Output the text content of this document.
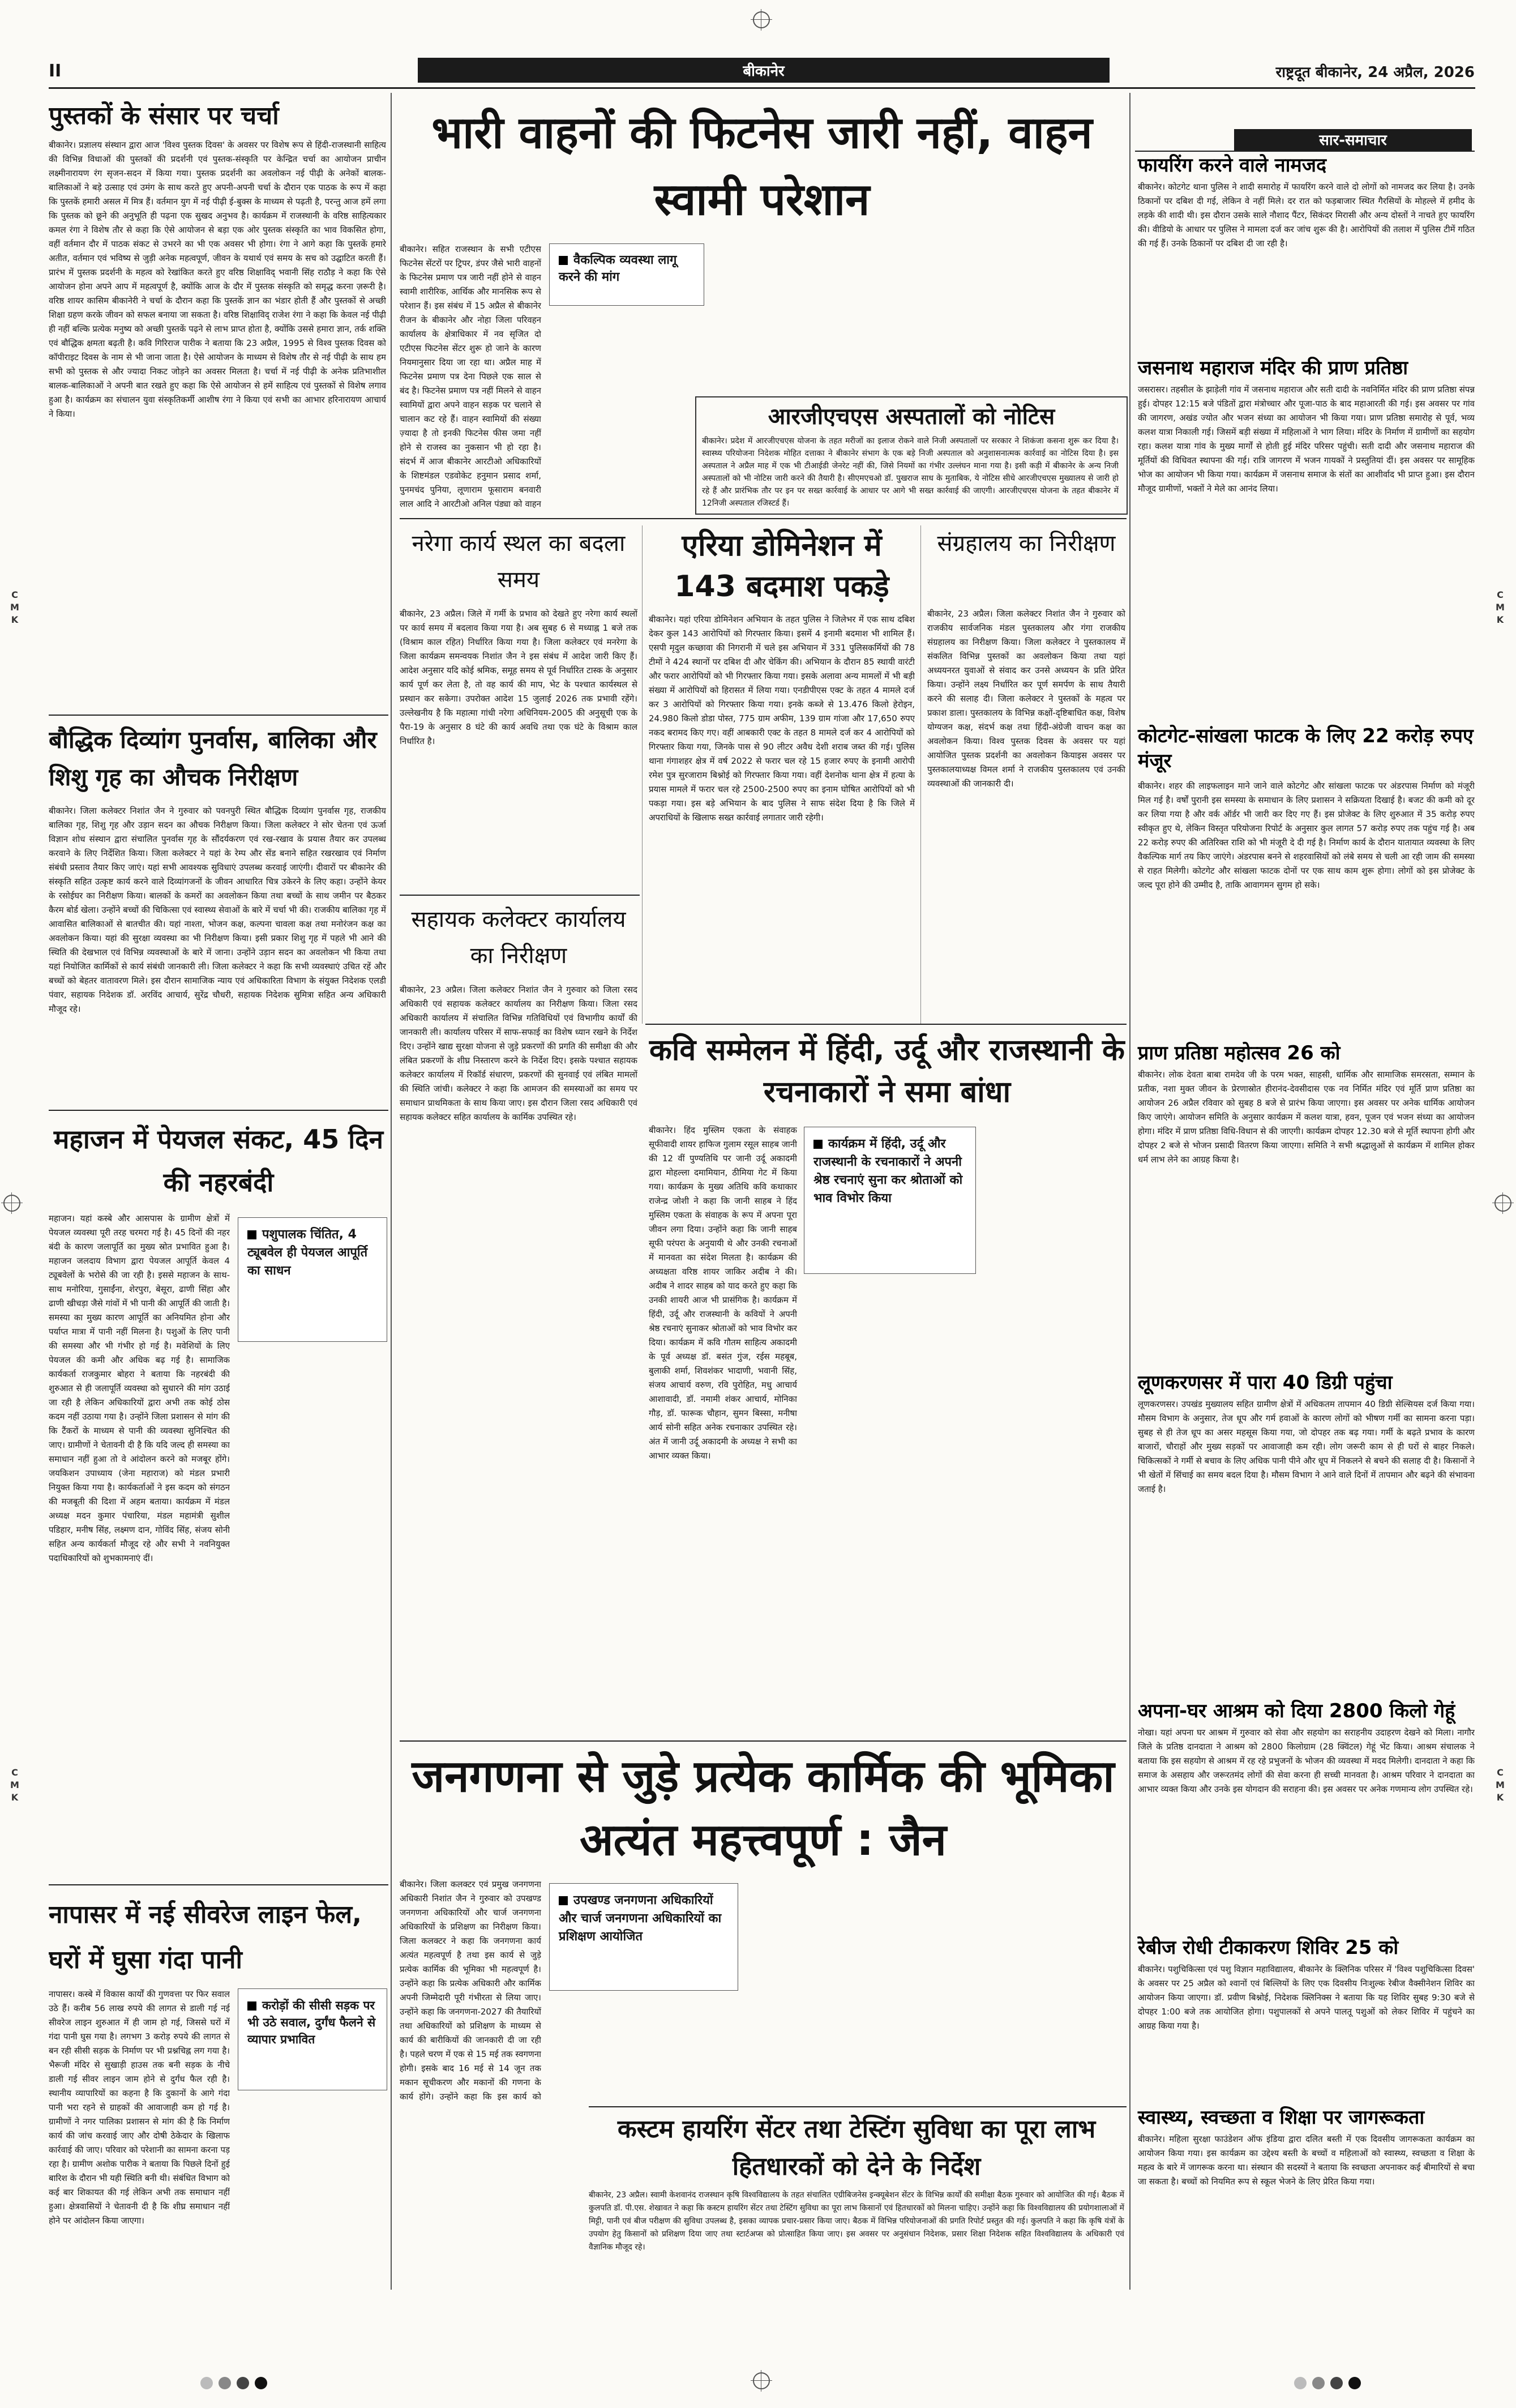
II	बीकानेर	राष्ट्रदूत बीकानेर, 24 अप्रैल, 2026
पुस्तकों के संसार पर चर्चा
बीकानेर। प्रज्ञालय संस्थान द्वारा आज 'विश्व पुस्तक दिवस' के अवसर पर विशेष रूप से हिंदी-राजस्थानी साहित्य की विभिन्न विधाओं की पुस्तकों की प्रदर्शनी एवं पुस्तक-संस्कृति पर केन्द्रित चर्चा का आयोजन प्राचीन लक्ष्मीनारायण रंग सृजन-सदन में किया गया। पुस्तक प्रदर्शनी का अवलोकन नई पीढ़ी के अनेकों बालक-बालिकाओं ने बड़े उत्साह एवं उमंग के साथ करते हुए अपनी-अपनी चर्चा के दौरान एक पाठक के रूप में कहा कि पुस्तकें हमारी असल में मित्र हैं। वर्तमान युग में नई पीढ़ी ई-बुक्स के माध्यम से पढ़ती है, परन्तु आज हमें लगा कि पुस्तक को छूने की अनुभूति ही पढ़ना एक सुखद अनुभव है। कार्यक्रम में राजस्थानी के वरिष्ठ साहित्यकार कमल रंगा ने विशेष तौर से कहा कि ऐसे आयोजन से बड़ा एक ओर पुस्तक संस्कृति का भाव विकसित होगा, वहीं वर्तमान दौर में पाठक संकट से उभरने का भी एक अवसर भी होगा। रंगा ने आगे कहा कि पुस्तकें हमारे अतीत, वर्तमान एवं भविष्य से जुड़ी अनेक महत्वपूर्ण, जीवन के यथार्थ एवं समय के सच को उद्घाटित करती हैं। प्रारंभ में पुस्तक प्रदर्शनी के महत्व को रेखांकित करते हुए वरिष्ठ शिक्षाविद् भवानी सिंह राठौड़ ने कहा कि ऐसे आयोजन होना अपने आप में महत्वपूर्ण है, क्योंकि आज के दौर में पुस्तक संस्कृति को समृद्ध करना ज़रूरी है। वरिष्ठ शायर कासिम बीकानेरी ने चर्चा के दौरान कहा कि पुस्तकें ज्ञान का भंडार होती हैं और पुस्तकों से अच्छी शिक्षा ग्रहण करके जीवन को सफल बनाया जा सकता है। वरिष्ठ शिक्षाविद् राजेश रंगा ने कहा कि केवल नई पीढ़ी ही नहीं बल्कि प्रत्येक मनुष्य को अच्छी पुस्तकें पढ़ने से लाभ प्राप्त होता है, क्योंकि उससे हमारा ज्ञान, तर्क शक्ति एवं बौद्धिक क्षमता बढ़ती है। कवि गिरिराज पारीक ने बताया कि 23 अप्रैल, 1995 से विश्व पुस्तक दिवस को कॉपीराइट दिवस के नाम से भी जाना जाता है। ऐसे आयोजन के माध्यम से विशेष तौर से नई पीढ़ी के साथ हम सभी को पुस्तक से और ज्यादा निकट जोड़ने का अवसर मिलता है। चर्चा में नई पीढ़ी के अनेक प्रतिभाशील बालक-बालिकाओं ने अपनी बात रखते हुए कहा कि ऐसे आयोजन से हमें साहित्य एवं पुस्तकों से विशेष लगाव हुआ है। कार्यक्रम का संचालन युवा संस्कृतिकर्मी आशीष रंगा ने किया एवं सभी का आभार हरिनारायण आचार्य ने किया।
बौद्धिक दिव्यांग पुनर्वास, बालिका और शिशु गृह का औचक निरीक्षण
बीकानेर। जिला कलेक्टर निशांत जैन ने गुरुवार को पवनपुरी स्थित बौद्धिक दिव्यांग पुनर्वास गृह, राजकीय बालिका गृह, शिशु गृह और उड़ान सदन का औचक निरीक्षण किया। जिला कलेक्टर ने सोर चेतना एवं ऊर्जा विज्ञान शोध संस्थान द्वारा संचालित पुनर्वास गृह के सौंदर्यकरण एवं रख-रखाव के प्रयास तैयार कर उपलब्ध करवाने के लिए निर्देशित किया। जिला कलेक्टर ने यहां के रेम्प और सेंड बनाने सहित रखरखाव एवं निर्माण संबंधी प्रस्ताव तैयार किए जाएं। यहां सभी आवश्यक सुविधाएं उपलब्ध करवाई जाएंगी। दीवारों पर बीकानेर की संस्कृति सहित उत्कृष्ट कार्य करने वाले दिव्यांगजनों के जीवन आधारित चित्र उकेरने के लिए कहा। उन्होंने केयर के रसोईघर का निरीक्षण किया। बालकों के कमरों का अवलोकन किया तथा बच्चों के साथ जमीन पर बैठकर कैरम बोर्ड खेला। उन्होंने बच्चों की चिकित्सा एवं स्वास्थ्य सेवाओं के बारे में चर्चा भी की। राजकीय बालिका गृह में आवासित बालिकाओं से बातचीत की। यहां नाश्ता, भोजन कक्ष, कल्पना चावला कक्ष तथा मनोरंजन कक्ष का अवलोकन किया। यहां की सुरक्षा व्यवस्था का भी निरीक्षण किया। इसी प्रकार शिशु गृह में पहले भी आने की स्थिति की देखभाल एवं विभिन्न व्यवस्थाओं के बारे में जाना। उन्होंने उड़ान सदन का अवलोकन भी किया तथा यहां नियोजित कार्मिकों से कार्य संबंधी जानकारी ली। जिला कलेक्टर ने कहा कि सभी व्यवस्थाएं उचित रहें और बच्चों को बेहतर वातावरण मिले। इस दौरान सामाजिक न्याय एवं अधिकारिता विभाग के संयुक्त निदेशक एलडी पंवार, सहायक निदेशक डॉ. अरविंद आचार्य, सुरेंद्र चौधरी, सहायक निदेशक सुमित्रा सहित अन्य अधिकारी मौजूद रहे।
महाजन में पेयजल संकट, 45 दिन की नहरबंदी
पशुपालक चिंतित, 4 ट्यूबवेल ही पेयजल आपूर्ति का साधन
महाजन। यहां कस्बे और आसपास के ग्रामीण क्षेत्रों में पेयजल व्यवस्था पूरी तरह चरमरा गई है। 45 दिनों की नहर बंदी के कारण जलापूर्ति का मुख्य स्रोत प्रभावित हुआ है। महाजन जलदाय विभाग द्वारा पेयजल आपूर्ति केवल 4 ट्यूबवेलों के भरोसे की जा रही है। इससे महाजन के साथ-साथ मनोरिया, गुसाईंना, शेरपुरा, बेसूरा, ढाणी सिंहा और ढाणी खीचड़ा जैसे गांवों में भी पानी की आपूर्ति की जाती है। समस्या का मुख्य कारण आपूर्ति का अनियमित होना और पर्याप्त मात्रा में पानी नहीं मिलना है। पशुओं के लिए पानी की समस्या और भी गंभीर हो गई है। मवेशियों के लिए पेयजल की कमी और अधिक बढ़ गई है। सामाजिक कार्यकर्ता राजकुमार बोहरा ने बताया कि नहरबंदी की शुरुआत से ही जलापूर्ति व्यवस्था को सुधारने की मांग उठाई जा रही है लेकिन अधिकारियों द्वारा अभी तक कोई ठोस कदम नहीं उठाया गया है। उन्होंने जिला प्रशासन से मांग की कि टैंकरों के माध्यम से पानी की व्यवस्था सुनिश्चित की जाए। ग्रामीणों ने चेतावनी दी है कि यदि जल्द ही समस्या का समाधान नहीं हुआ तो वे आंदोलन करने को मजबूर होंगे। जयकिशन उपाध्याय (जेना महाराज) को मंडल प्रभारी नियुक्त किया गया है। कार्यकर्ताओं ने इस कदम को संगठन की मजबूती की दिशा में अहम बताया। कार्यक्रम में मंडल अध्यक्ष मदन कुमार पंचारिया, मंडल महामंत्री सुशील पडिहार, मनीष सिंह, लक्ष्मण दान, गोविंद सिंह, संजय सोनी सहित अन्य कार्यकर्ता मौजूद रहे और सभी ने नवनियुक्त पदाधिकारियों को शुभकामनाएं दीं।
नापासर में नई सीवरेज लाइन फेल, घरों में घुसा गंदा पानी
करोड़ों की सीसी सड़क पर भी उठे सवाल, दुर्गंध फैलने से व्यापार प्रभावित
नापासर। कस्बे में विकास कार्यों की गुणवत्ता पर फिर सवाल उठे हैं। करीब 56 लाख रुपये की लागत से डाली गई नई सीवरेज लाइन शुरुआत में ही जाम हो गई, जिससे घरों में गंदा पानी घुस गया है। लगभग 3 करोड़ रुपये की लागत से बन रही सीसी सड़क के निर्माण पर भी प्रश्नचिह्न लग गया है। भैरूजी मंदिर से सुखाड़ी हाउस तक बनी सड़क के नीचे डाली गई सीवर लाइन जाम होने से दुर्गंध फैल रही है। स्थानीय व्यापारियों का कहना है कि दुकानों के आगे गंदा पानी भरा रहने से ग्राहकों की आवाजाही कम हो गई है। ग्रामीणों ने नगर पालिका प्रशासन से मांग की है कि निर्माण कार्य की जांच करवाई जाए और दोषी ठेकेदार के खिलाफ कार्रवाई की जाए। परिवार को परेशानी का सामना करना पड़ रहा है। ग्रामीण अशोक पारीक ने बताया कि पिछले दिनों हुई बारिश के दौरान भी यही स्थिति बनी थी। संबंधित विभाग को कई बार शिकायत की गई लेकिन अभी तक समाधान नहीं हुआ। क्षेत्रवासियों ने चेतावनी दी है कि शीघ्र समाधान नहीं होने पर आंदोलन किया जाएगा।
भारी वाहनों की फिटनेस जारी नहीं, वाहन स्वामी परेशान
वैकल्पिक व्यवस्था लागू करने की मांग
बीकानेर। सहित राजस्थान के सभी एटीएस फिटनेस सेंटरों पर ट्रिपर, डंपर जैसे भारी वाहनों के फिटनेस प्रमाण पत्र जारी नहीं होने से वाहन स्वामी शारीरिक, आर्थिक और मानसिक रूप से परेशान हैं। इस संबंध में 15 अप्रैल से बीकानेर रीजन के बीकानेर और नोहा जिला परिवहन कार्यालय के क्षेत्राधिकार में नव सृजित दो एटीएस फिटनेस सेंटर शुरू हो जाने के कारण नियमानुसार दिया जा रहा था। अप्रैल माह में फिटनेस प्रमाण पत्र देना पिछले एक साल से बंद है। फिटनेस प्रमाण पत्र नहीं मिलने से वाहन स्वामियों द्वारा अपने वाहन सड़क पर चलाने से चालान कट रहे हैं। वाहन स्वामियों की संख्या ज़्यादा है तो इनकी फिटनेस फीस जमा नहीं होने से राजस्व का नुकसान भी हो रहा है। संदर्भ में आज बीकानेर आरटीओ अधिकारियों के शिष्टमंडल एडवोकेट हनुमान प्रसाद शर्मा, पुनमचंद पुनिया, लूणाराम फूसाराम बनवारी लाल आदि ने आरटीओ अनिल पंड्या को वाहन
आरजीएचएस अस्पतालों को नोटिस
बीकानेर। प्रदेश में आरजीएचएस योजना के तहत मरीजों का इलाज रोकने वाले निजी अस्पतालों पर सरकार ने शिकंजा कसना शुरू कर दिया है। स्वास्थ्य परियोजना निदेशक मोहित दत्ताका ने बीकानेर संभाग के एक बड़े निजी अस्पताल को अनुशासनात्मक कार्रवाई का नोटिस दिया है। इस अस्पताल ने अप्रैल माह में एक भी टीआईडी जेनरेट नहीं की, जिसे नियमों का गंभीर उल्लंघन माना गया है। इसी कड़ी में बीकानेर के अन्य निजी अस्पतालों को भी नोटिस जारी करने की तैयारी है। सीएमएचओ डॉ. पुखराज साध के मुताबिक, ये नोटिस सीधे आरजीएचएस मुख्यालय से जारी हो रहे हैं और प्रारंभिक तौर पर इन पर सख्त कार्रवाई के आधार पर आगे भी सख्त कार्रवाई की जाएगी। आरजीएचएस योजना के तहत बीकानेर में 12निजी अस्पताल रजिस्टर्ड हैं।
नरेगा कार्य स्थल का बदला समय
बीकानेर, 23 अप्रैल। जिले में गर्मी के प्रभाव को देखते हुए नरेगा कार्य स्थलों पर कार्य समय में बदलाव किया गया है। अब सुबह 6 से मध्याह्न 1 बजे तक (विश्राम काल रहित) निर्धारित किया गया है। जिला कलेक्टर एवं मनरेगा के जिला कार्यक्रम समन्वयक निशांत जैन ने इस संबंध में आदेश जारी किए हैं। आदेश अनुसार यदि कोई श्रमिक, समूह समय से पूर्व निर्धारित टास्क के अनुसार कार्य पूर्ण कर लेता है, तो वह कार्य की माप, भेट के पश्चात कार्यस्थल से प्रस्थान कर सकेगा। उपरोक्त आदेश 15 जुलाई 2026 तक प्रभावी रहेंगे। उल्लेखनीय है कि महात्मा गांधी नरेगा अधिनियम-2005 की अनुसूची एक के पैरा-19 के अनुसार 8 घंटे की कार्य अवधि तथा एक घंटे के विश्राम काल निर्धारित है।
एरिया डोमिनेशन में 143 बदमाश पकड़े
बीकानेर। यहां एरिया डोमिनेशन अभियान के तहत पुलिस ने जिलेभर में एक साथ दबिश देकर कुल 143 आरोपियों को गिरफ्तार किया। इसमें 4 इनामी बदमाश भी शामिल हैं। एसपी मृदुल कच्छावा की निगरानी में चले इस अभियान में 331 पुलिसकर्मियों की 78 टीमों ने 424 स्थानों पर दबिश दी और चेकिंग की। अभियान के दौरान 85 स्थायी वारंटी और फरार आरोपियों को भी गिरफ्तार किया गया। इसके अलावा अन्य मामलों में भी बड़ी संख्या में आरोपियों को हिरासत में लिया गया। एनडीपीएस एक्ट के तहत 4 मामले दर्ज कर 3 आरोपियों को गिरफ्तार किया गया। इनके कब्जे से 13.476 किलो हेरोइन, 24.980 किलो डोडा पोस्त, 775 ग्राम अफीम, 139 ग्राम गांजा और 17,650 रुपए नकद बरामद किए गए। वहीं आबकारी एक्ट के तहत 8 मामले दर्ज कर 4 आरोपियों को गिरफ्तार किया गया, जिनके पास से 90 लीटर अवैध देशी शराब जब्त की गई। पुलिस थाना गंगाशहर क्षेत्र में वर्ष 2022 से फरार चल रहे 15 हजार रुपए के इनामी आरोपी रमेश पुत्र सुरजाराम बिश्नोई को गिरफ्तार किया गया। वहीं देशनोक थाना क्षेत्र में हत्या के प्रयास मामले में फरार चल रहे 2500-2500 रुपए का इनाम घोषित आरोपियों को भी पकड़ा गया। इस बड़े अभियान के बाद पुलिस ने साफ संदेश दिया है कि जिले में अपराधियों के खिलाफ सख्त कार्रवाई लगातार जारी रहेगी।
संग्रहालय का निरीक्षण
बीकानेर, 23 अप्रैल। जिला कलेक्टर निशांत जैन ने गुरुवार को राजकीय सार्वजनिक मंडल पुस्तकालय और गंगा राजकीय संग्रहालय का निरीक्षण किया। जिला कलेक्टर ने पुस्तकालय में संकलित विभिन्न पुस्तकों का अवलोकन किया तथा यहां अध्ययनरत युवाओं से संवाद कर उनसे अध्ययन के प्रति प्रेरित किया। उन्होंने लक्ष्य निर्धारित कर पूर्ण समर्पण के साथ तैयारी करने की सलाह दी। जिला कलेक्टर ने पुस्तकों के महत्व पर प्रकाश डाला। पुस्तकालय के विभिन्न कक्षों-दृष्टिबाधित कक्ष, विशेष योग्यजन कक्ष, संदर्भ कक्ष तथा हिंदी-अंग्रेजी वाचन कक्ष का अवलोकन किया। विश्व पुस्तक दिवस के अवसर पर यहां आयोजित पुस्तक प्रदर्शनी का अवलोकन कियाइस अवसर पर पुस्तकालयाध्यक्ष विमल शर्मा ने राजकीय पुस्तकालय एवं उनकी व्यवस्थाओं की जानकारी दी।
सहायक कलेक्टर कार्यालय का निरीक्षण
बीकानेर, 23 अप्रैल। जिला कलेक्टर निशांत जैन ने गुरुवार को जिला रसद अधिकारी एवं सहायक कलेक्टर कार्यालय का निरीक्षण किया। जिला रसद अधिकारी कार्यालय में संचालित विभिन्न गतिविधियों एवं विभागीय कार्यों की जानकारी ली। कार्यालय परिसर में साफ-सफाई का विशेष ध्यान रखने के निर्देश दिए। उन्होंने खाद्य सुरक्षा योजना से जुड़े प्रकरणों की प्रगति की समीक्षा की और लंबित प्रकरणों के शीघ्र निस्तारण करने के निर्देश दिए। इसके पश्चात सहायक कलेक्टर कार्यालय में रिकॉर्ड संधारण, प्रकरणों की सुनवाई एवं लंबित मामलों की स्थिति जांची। कलेक्टर ने कहा कि आमजन की समस्याओं का समय पर समाधान प्राथमिकता के साथ किया जाए। इस दौरान जिला रसद अधिकारी एवं सहायक कलेक्टर सहित कार्यालय के कार्मिक उपस्थित रहे।
कवि सम्मेलन में हिंदी, उर्दू और राजस्थानी के रचनाकारों ने समा बांधा
कार्यक्रम में हिंदी, उर्दू और राजस्थानी के रचनाकारों ने अपनी श्रेष्ठ रचनाएं सुना कर श्रोताओं को भाव विभोर किया
बीकानेर। हिंद मुस्लिम एकता के संवाहक सूफीवादी शायर हाफिज गुलाम रसूल साहब जानी की 12 वीं पुण्यतिथि पर जानी उर्दू अकादमी द्वारा मोहल्ला दमामियान, ठीमिया गेट में किया गया। कार्यक्रम के मुख्य अतिथि कवि कथाकार राजेन्द्र जोशी ने कहा कि जानी साहब ने हिंद मुस्लिम एकता के संवाहक के रूप में अपना पूरा जीवन लगा दिया। उन्होंने कहा कि जानी साहब सूफी परंपरा के अनुयायी थे और उनकी रचनाओं में मानवता का संदेश मिलता है। कार्यक्रम की अध्यक्षता वरिष्ठ शायर जाकिर अदीब ने की। अदीब ने शादर साहब को याद करते हुए कहा कि उनकी शायरी आज भी प्रासंगिक है। कार्यक्रम में हिंदी, उर्दू और राजस्थानी के कवियों ने अपनी श्रेष्ठ रचनाएं सुनाकर श्रोताओं को भाव विभोर कर दिया। कार्यक्रम में कवि गौतम साहित्य अकादमी के पूर्व अध्यक्ष डॉ. बसंत गुंज, रईस महबूब, बुलाकी शर्मा, शिवशंकर भादाणी, भवानी सिंह, संजय आचार्य वरुण, रवि पुरोहित, मधु आचार्य आशावादी, डॉ. नमामी शंकर आचार्य, मोनिका गौड़, डॉ. फारूक चौहान, सुमन बिस्सा, मनीषा आर्य सोनी सहित अनेक रचनाकार उपस्थित रहे। अंत में जानी उर्दू अकादमी के अध्यक्ष ने सभी का आभार व्यक्त किया।
जनगणना से जुड़े प्रत्येक कार्मिक की भूमिका अत्यंत महत्त्वपूर्ण : जैन
उपखण्ड जनगणना अधिकारियों और चार्ज जनगणना अधिकारियों का प्रशिक्षण आयोजित
बीकानेर। जिला कलक्टर एवं प्रमुख जनगणना अधिकारी निशांत जैन ने गुरुवार को उपखण्ड जनगणना अधिकारियों और चार्ज जनगणना अधिकारियों के प्रशिक्षण का निरीक्षण किया। जिला कलक्टर ने कहा कि जनगणना कार्य अत्यंत महत्वपूर्ण है तथा इस कार्य से जुड़े प्रत्येक कार्मिक की भूमिका भी महत्वपूर्ण है। उन्होंने कहा कि प्रत्येक अधिकारी और कार्मिक अपनी जिम्मेदारी पूरी गंभीरता से लिया जाए। उन्होंने कहा कि जनगणना-2027 की तैयारियों तथा अधिकारियों को प्रशिक्षण के माध्यम से कार्य की बारीकियों की जानकारी दी जा रही है। पहले चरण में एक से 15 मई तक स्वगणना होगी। इसके बाद 16 मई से 14 जून तक मकान सूचीकरण और मकानों की गणना के कार्य होंगे। उन्होंने कहा कि इस कार्य को
कस्टम हायरिंग सेंटर तथा टेस्टिंग सुविधा का पूरा लाभ हितधारकों को देने के निर्देश
बीकानेर, 23 अप्रैल। स्वामी केशवानंद राजस्थान कृषि विश्वविद्यालय के तहत संचालित एग्रीबिजनेस इन्क्यूबेशन सेंटर के विभिन्न कार्यों की समीक्षा बैठक गुरुवार को आयोजित की गई। बैठक में कुलपति डॉ. पी.एस. शेखावत ने कहा कि कस्टम हायरिंग सेंटर तथा टेस्टिंग सुविधा का पूरा लाभ किसानों एवं हितधारकों को मिलना चाहिए। उन्होंने कहा कि विश्वविद्यालय की प्रयोगशालाओं में मिट्टी, पानी एवं बीज परीक्षण की सुविधा उपलब्ध है, इसका व्यापक प्रचार-प्रसार किया जाए। बैठक में विभिन्न परियोजनाओं की प्रगति रिपोर्ट प्रस्तुत की गई। कुलपति ने कहा कि कृषि यंत्रों के उपयोग हेतु किसानों को प्रशिक्षण दिया जाए तथा स्टार्टअप्स को प्रोत्साहित किया जाए। इस अवसर पर अनुसंधान निदेशक, प्रसार शिक्षा निदेशक सहित विश्वविद्यालय के अधिकारी एवं वैज्ञानिक मौजूद रहे।
सार-समाचार
फायरिंग करने वाले नामजद
बीकानेर। कोटगेट थाना पुलिस ने शादी समारोह में फायरिंग करने वाले दो लोगों को नामजद कर लिया है। उनके ठिकानों पर दबिश दी गई, लेकिन वे नहीं मिले। दर रात को फड़बाजार स्थित गैरसियों के मोहल्ले में हमीद के लड़के की शादी थी। इस दौरान उसके साले नौशाद पैंटर, सिकंदर मिरासी और अन्य दोस्तों ने नाचते हुए फायरिंग की। वीडियो के आधार पर पुलिस ने मामला दर्ज कर जांच शुरू की है। आरोपियों की तलाश में पुलिस टीमें गठित की गई हैं। उनके ठिकानों पर दबिश दी जा रही है।
जसनाथ महाराज मंदिर की प्राण प्रतिष्ठा
जसरासर। तहसील के झाड़ेली गांव में जसनाथ महाराज और सती दादी के नवनिर्मित मंदिर की प्राण प्रतिष्ठा संपन्न हुई। दोपहर 12:15 बजे पंडितों द्वारा मंत्रोच्चार और पूजा-पाठ के बाद महाआरती की गई। इस अवसर पर गांव की जागरण, अखंड ज्योत और भजन संध्या का आयोजन भी किया गया। प्राण प्रतिष्ठा समारोह से पूर्व, भव्य कलश यात्रा निकाली गई। जिसमें बड़ी संख्या में महिलाओं ने भाग लिया। मंदिर के निर्माण में ग्रामीणों का सहयोग रहा। कलश यात्रा गांव के मुख्य मार्गों से होती हुई मंदिर परिसर पहुंची। सती दादी और जसनाथ महाराज की मूर्तियों की विधिवत स्थापना की गई। रात्रि जागरण में भजन गायकों ने प्रस्तुतियां दीं। इस अवसर पर सामूहिक भोज का आयोजन भी किया गया। कार्यक्रम में जसनाथ समाज के संतों का आशीर्वाद भी प्राप्त हुआ। इस दौरान मौजूद ग्रामीणों, भक्तों ने मेले का आनंद लिया।
कोटगेट-सांखला फाटक के लिए 22 करोड़ रुपए मंजूर
बीकानेर। शहर की लाइफलाइन माने जाने वाले कोटगेट और सांखला फाटक पर अंडरपास निर्माण को मंजूरी मिल गई है। वर्षों पुरानी इस समस्या के समाधान के लिए प्रशासन ने सक्रियता दिखाई है। बजट की कमी को दूर कर लिया गया है और वर्क ऑर्डर भी जारी कर दिए गए हैं। इस प्रोजेक्ट के लिए शुरुआत में 35 करोड़ रुपए स्वीकृत हुए थे, लेकिन विस्तृत परियोजना रिपोर्ट के अनुसार कुल लागत 57 करोड़ रुपए तक पहुंच गई है। अब 22 करोड़ रुपए की अतिरिक्त राशि को भी मंजूरी दे दी गई है। निर्माण कार्य के दौरान यातायात व्यवस्था के लिए वैकल्पिक मार्ग तय किए जाएंगे। अंडरपास बनने से शहरवासियों को लंबे समय से चली आ रही जाम की समस्या से राहत मिलेगी। कोटगेट और सांखला फाटक दोनों पर एक साथ काम शुरू होगा। लोगों को इस प्रोजेक्ट के जल्द पूरा होने की उम्मीद है, ताकि आवागमन सुगम हो सके।
प्राण प्रतिष्ठा महोत्सव 26 को
बीकानेर। लोक देवता बाबा रामदेव जी के परम भक्त, साहसी, धार्मिक और सामाजिक समरसता, सम्मान के प्रतीक, नशा मुक्त जीवन के प्रेरणास्रोत हीरानंद-देवसीदास एक नव निर्मित मंदिर एवं मूर्ति प्राण प्रतिष्ठा का आयोजन 26 अप्रैल रविवार को सुबह 8 बजे से प्रारंभ किया जाएगा। इस अवसर पर अनेक धार्मिक आयोजन किए जाएंगे। आयोजन समिति के अनुसार कार्यक्रम में कलश यात्रा, हवन, पूजन एवं भजन संध्या का आयोजन होगा। मंदिर में प्राण प्रतिष्ठा विधि-विधान से की जाएगी। कार्यक्रम दोपहर 12.30 बजे से मूर्ति स्थापना होगी और दोपहर 2 बजे से भोजन प्रसादी वितरण किया जाएगा। समिति ने सभी श्रद्धालुओं से कार्यक्रम में शामिल होकर धर्म लाभ लेने का आग्रह किया है।
लूणकरणसर में पारा 40 डिग्री पहुंचा
लूणकरणसर। उपखंड मुख्यालय सहित ग्रामीण क्षेत्रों में अधिकतम तापमान 40 डिग्री सेल्सियस दर्ज किया गया। मौसम विभाग के अनुसार, तेज धूप और गर्म हवाओं के कारण लोगों को भीषण गर्मी का सामना करना पड़ा। सुबह से ही तेज धूप का असर महसूस किया गया, जो दोपहर तक बढ़ गया। गर्मी के बढ़ते प्रभाव के कारण बाजारों, चौराहों और मुख्य सड़कों पर आवाजाही कम रही। लोग जरूरी काम से ही घरों से बाहर निकले। चिकित्सकों ने गर्मी से बचाव के लिए अधिक पानी पीने और धूप में निकलने से बचने की सलाह दी है। किसानों ने भी खेतों में सिंचाई का समय बदल दिया है। मौसम विभाग ने आने वाले दिनों में तापमान और बढ़ने की संभावना जताई है।
अपना-घर आश्रम को दिया 2800 किलो गेहूं
नोखा। यहां अपना घर आश्रम में गुरुवार को सेवा और सहयोग का सराहनीय उदाहरण देखने को मिला। नागौर जिले के प्रतिष्ठ दानदाता ने आश्रम को 2800 किलोग्राम (28 क्विंटल) गेहूं भेंट किया। आश्रम संचालक ने बताया कि इस सहयोग से आश्रम में रह रहे प्रभुजनों के भोजन की व्यवस्था में मदद मिलेगी। दानदाता ने कहा कि समाज के असहाय और जरूरतमंद लोगों की सेवा करना ही सच्ची मानवता है। आश्रम परिवार ने दानदाता का आभार व्यक्त किया और उनके इस योगदान की सराहना की। इस अवसर पर अनेक गणमान्य लोग उपस्थित रहे।
रेबीज रोधी टीकाकरण शिविर 25 को
बीकानेर। पशुचिकित्सा एवं पशु विज्ञान महाविद्यालय, बीकानेर के क्लिनिक परिसर में 'विश्व पशुचिकित्सा दिवस' के अवसर पर 25 अप्रैल को श्वानों एवं बिल्लियों के लिए एक दिवसीय निःशुल्क रेबीज वैक्सीनेशन शिविर का आयोजन किया जाएगा। डॉ. प्रवीण बिश्नोई, निदेशक क्लिनिक्स ने बताया कि यह शिविर सुबह 9:30 बजे से दोपहर 1:00 बजे तक आयोजित होगा। पशुपालकों से अपने पालतू पशुओं को लेकर शिविर में पहुंचने का आग्रह किया गया है।
स्वास्थ्य, स्वच्छता व शिक्षा पर जागरूकता
बीकानेर। महिला सुरक्षा फाउंडेशन ऑफ इंडिया द्वारा दलित बस्ती में एक दिवसीय जागरूकता कार्यक्रम का आयोजन किया गया। इस कार्यक्रम का उद्देश्य बस्ती के बच्चों व महिलाओं को स्वास्थ्य, स्वच्छता व शिक्षा के महत्व के बारे में जागरूक करना था। संस्थान की सदस्यों ने बताया कि स्वच्छता अपनाकर कई बीमारियों से बचा जा सकता है। बच्चों को नियमित रूप से स्कूल भेजने के लिए प्रेरित किया गया।
C M K
C M K
C M K
C M K
